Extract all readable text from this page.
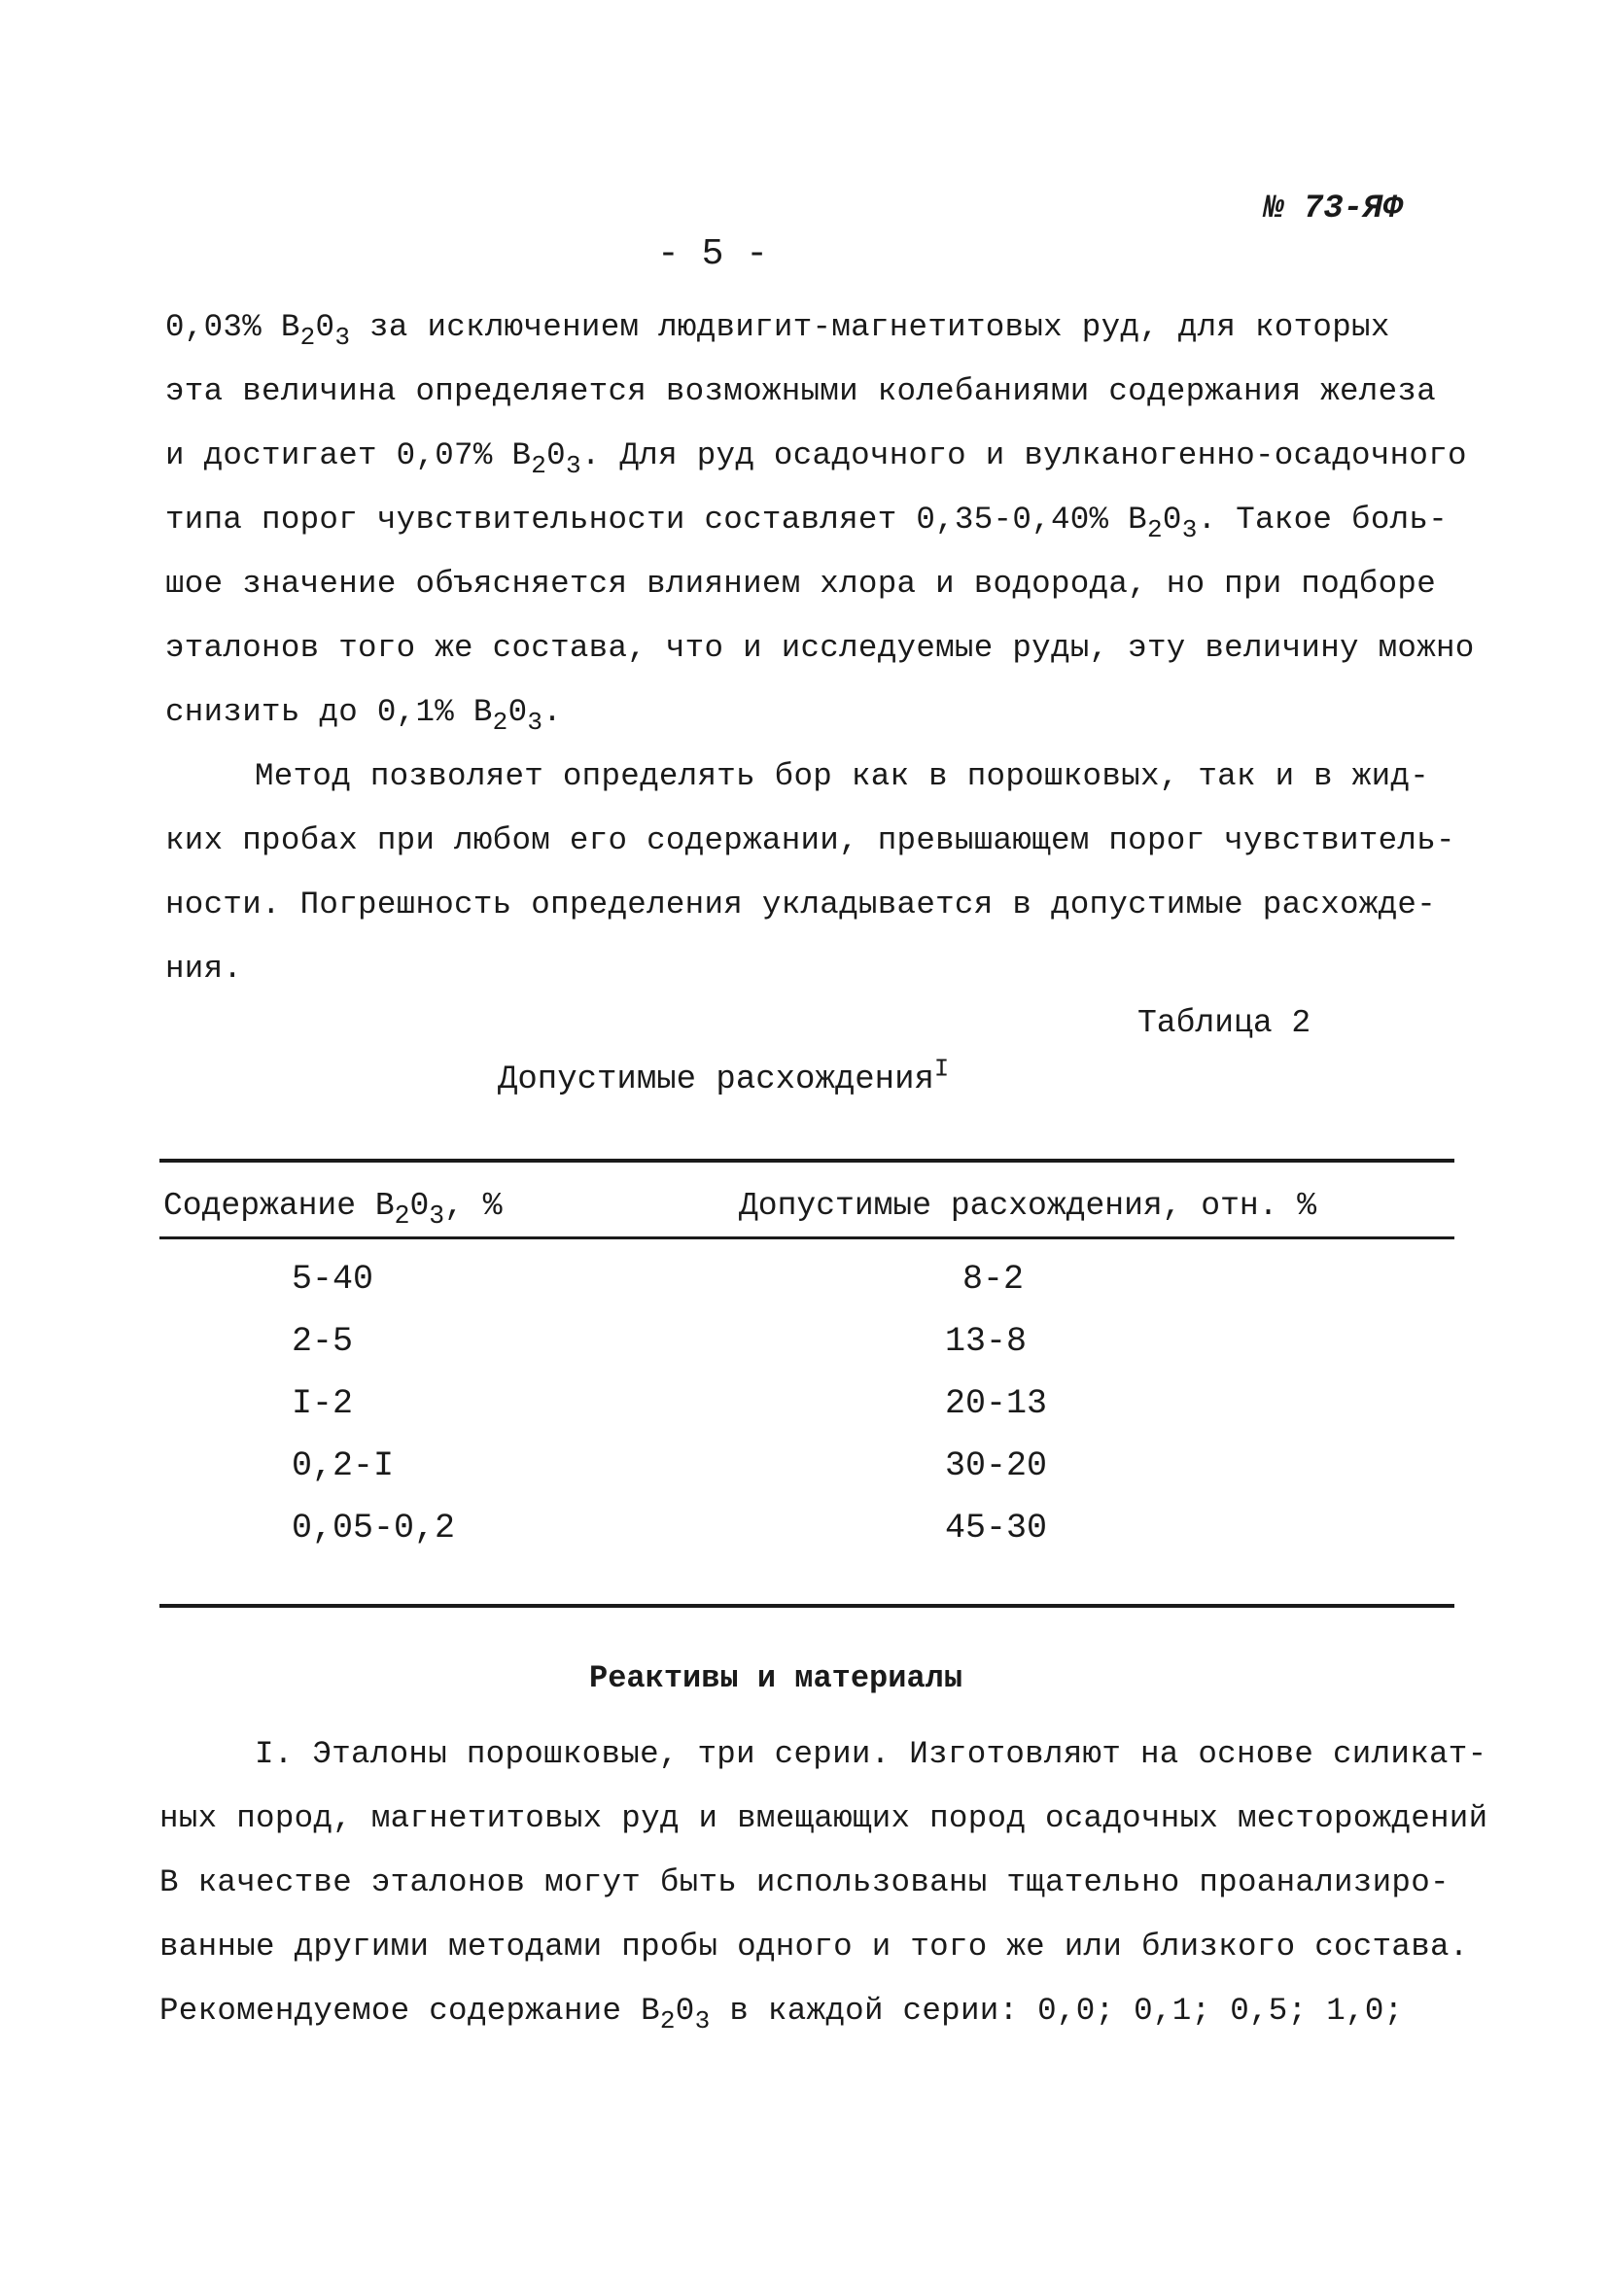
№ 73-ЯФ
- 5 -
0,03% $B_20_3$ за исключением людвигит-магнетитовых руд, для которых
эта величина определяется возможными колебаниями содержания железа
и достигает 0,07% $B_20_3$. Для руд осадочного и вулканогенно-осадочного
типа порог чувствительности составляет 0,35-0,40% $B_20_3$. Такое боль-
шое значение объясняется влиянием хлора и водорода, но при подборе
эталонов того же состава, что и исследуемые руды, эту величину можно
снизить до 0,1% $B_20_3$.
Метод позволяет определять бор как в порошковых, так и в жид-
ких пробах при любом его содержании, превышающем порог чувствитель-
ности. Погрешность определения укладывается в допустимые расхожде-
ния.
Таблица 2
Допустимые расхождения$^I$
Содержание $B_20_3$, %	Допустимые расхождения, отн. %
5-40	8-2
2-5	13-8
I-2	20-13
0,2-I	30-20
0,05-0,2	45-30
Реактивы и материалы
I. Эталоны порошковые, три серии. Изготовляют на основе силикат-
ных пород, магнетитовых руд и вмещающих пород осадочных месторождений
В качестве эталонов могут быть использованы тщательно проанализиро-
ванные другими методами пробы одного и того же или близкого состава.
Рекомендуемое содержание $B_20_3$ в каждой серии: 0,0; 0,1; 0,5; 1,0;
